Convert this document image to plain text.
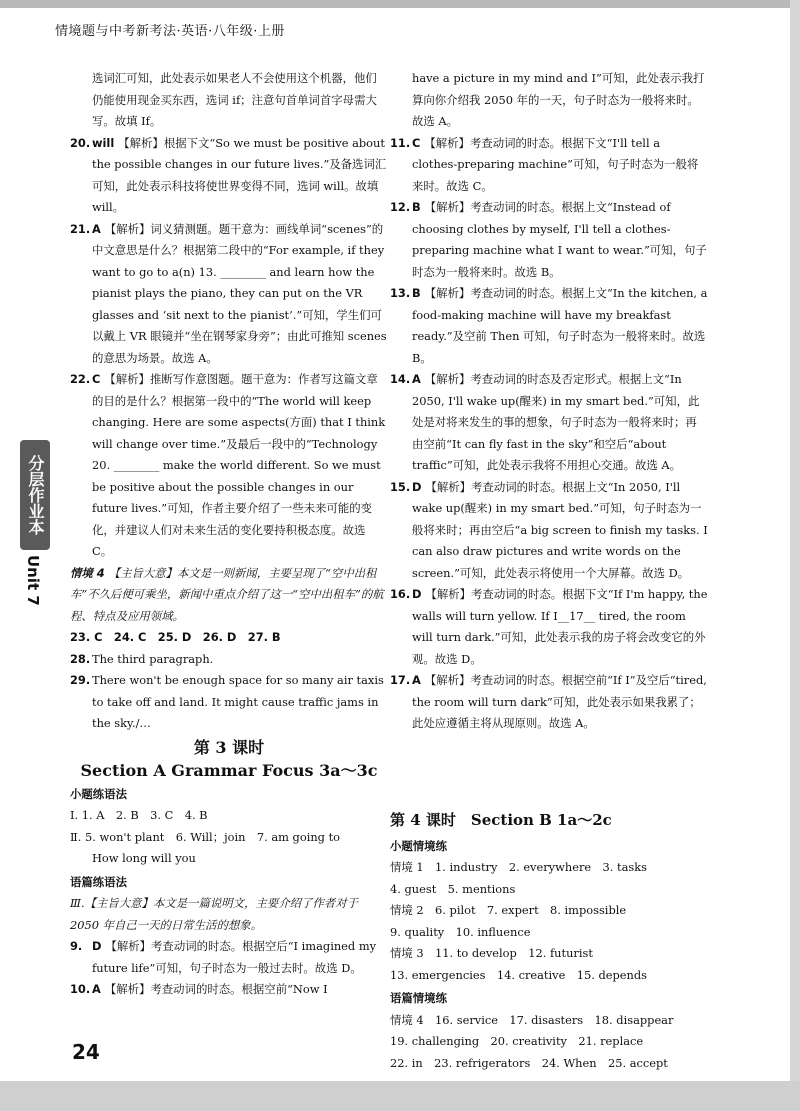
情境题与中考新考法·英语·八年级·上册
分层作业本
Unit 7

选词汇可知，此处表示如果老人不会使用这个机器，他们仍能使用现金买东西，选词 if；注意句首单词首字母需大写。故填 If。

20. will 【解析】根据下文“So we must be positive about the possible changes in our future lives.”及备选词汇可知，此处表示科技将使世界变得不同，选词 will。故填 will。
21. A 【解析】词义猜测题。题干意为：画线单词“scenes”的中文意思是什么？根据第二段中的“For example, if they want to go to a(n) 13. ________ and learn how the pianist plays the piano, they can put on the VR glasses and ‘sit next to the pianist’.”可知，学生们可以戴上 VR 眼镜并“坐在钢琴家身旁”；由此可推知 scenes 的意思为场景。故选 A。
22. C 【解析】推断写作意图题。题干意为：作者写这篇文章的目的是什么？根据第一段中的“The world will keep changing. Here are some aspects(方面) that I think will change over time.”及最后一段中的“Technology 20. ________ make the world different. So we must be positive about the possible changes in our future lives.”可知，作者主要介绍了一些未来可能的变化，并建议人们对未来生活的变化要持积极态度。故选 C。

情境 4 【主旨大意】本文是一则新闻，主要呈现了“空中出租车”不久后便可乘坐，新闻中重点介绍了这一“空中出租车”的航程、特点及应用领域。

23. C　24. C　25. D　26. D　27. B

28. The third paragraph.
29. There won't be enough space for so many air taxis to take off and land. It might cause traffic jams in the sky./…
第 3 课时
Section A Grammar Focus 3a～3c
小题练语法

Ⅰ. 1. A　2. B　3. C　4. B

Ⅱ. 5. won't plant　6. Will；join　7. am going to

How long will you

语篇练语法

Ⅲ.【主旨大意】本文是一篇说明文，主要介绍了作者对于 2050 年自己一天的日常生活的想象。

9. D 【解析】考查动词的时态。根据空后“I imagined my future life”可知，句子时态为一般过去时。故选 D。
10. A 【解析】考查动词的时态。根据空前“Now I

have a picture in my mind and I”可知，此处表示我打算向你介绍我 2050 年的一天，句子时态为一般将来时。故选 A。

11. C 【解析】考查动词的时态。根据下文“I'll tell a clothes-preparing machine”可知，句子时态为一般将来时。故选 C。
12. B 【解析】考查动词的时态。根据上文“Instead of choosing clothes by myself, I'll tell a clothes-preparing machine what I want to wear.”可知，句子时态为一般将来时。故选 B。
13. B 【解析】考查动词的时态。根据上文“In the kitchen, a food-making machine will have my breakfast ready.”及空前 Then 可知，句子时态为一般将来时。故选 B。
14. A 【解析】考查动词的时态及否定形式。根据上文“In 2050, I'll wake up(醒来) in my smart bed.”可知，此处是对将来发生的事的想象，句子时态为一般将来时；再由空前“It can fly fast in the sky”和空后“about traffic”可知，此处表示我将不用担心交通。故选 A。
15. D 【解析】考查动词的时态。根据上文“In 2050, I'll wake up(醒来) in my smart bed.”可知，句子时态为一般将来时；再由空后“a big screen to finish my tasks. I can also draw pictures and write words on the screen.”可知，此处表示将使用一个大屏幕。故选 D。
16. D 【解析】考查动词的时态。根据下文“If I'm happy, the walls will turn yellow. If I__17__ tired, the room will turn dark.”可知，此处表示我的房子将会改变它的外观。故选 D。
17. A 【解析】考查动词的时态。根据空前“If I”及空后“tired, the room will turn dark”可知，此处表示如果我累了；此处应遵循主将从现原则。故选 A。
第 4 课时　Section B 1a～2c
小题情境练

情境 1　1. industry　2. everywhere　3. tasks

4. guest　5. mentions

情境 2　6. pilot　7. expert　8. impossible

9. quality　10. influence

情境 3　11. to develop　12. futurist

13. emergencies　14. creative　15. depends

语篇情境练

情境 4　16. service　17. disasters　18. disappear

19. challenging　20. creativity　21. replace

22. in　23. refrigerators　24. When　25. accept

24
